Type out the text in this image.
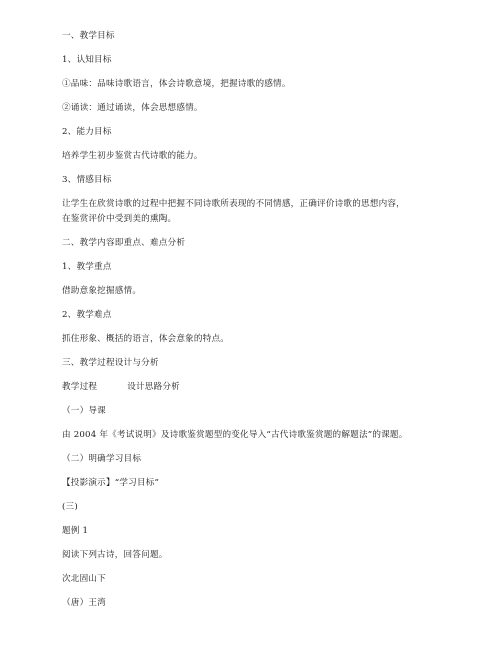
一、教学目标
1、认知目标
①品味：品味诗歌语言，体会诗歌意境，把握诗歌的感情。
②诵读：通过诵读，体会思想感情。
2、能力目标
培养学生初步鉴赏古代诗歌的能力。
3、情感目标
让学生在欣赏诗歌的过程中把握不同诗歌所表现的不同情感，正确评价诗歌的思想内容，
在鉴赏评价中受到美的熏陶。
二、教学内容即重点、难点分析
1、教学重点
借助意象挖掘感情。
2、教学难点
抓住形象、概括的语言，体会意象的特点。
三、教学过程设计与分析
教学过程	设计思路分析
（一）导课
由 2004 年《考试说明》及诗歌鉴赏题型的变化导入“古代诗歌鉴赏题的解题法”的课题。
（二）明确学习目标
【投影演示】“学习目标”
(三)
题例 1
阅读下列古诗，回答问题。
次北固山下
（唐）王湾
